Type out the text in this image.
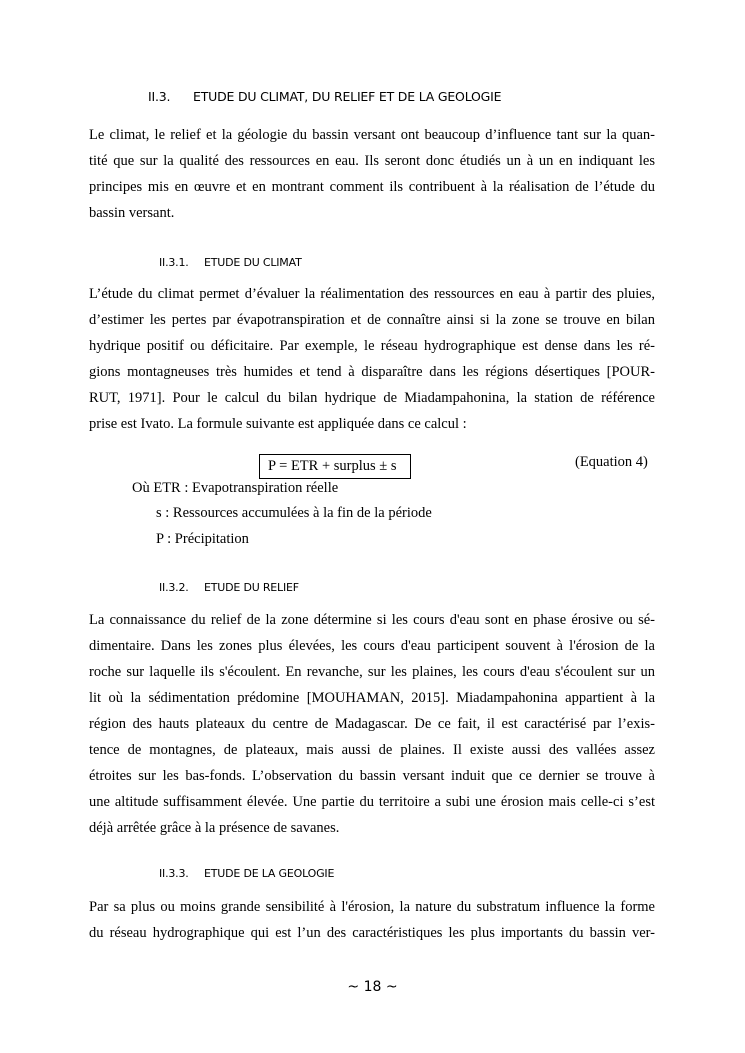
II.3. ETUDE DU CLIMAT, DU RELIEF ET DE LA GEOLOGIE
Le climat, le relief et la géologie du bassin versant ont beaucoup d’influence tant sur la quan-
tité que sur la qualité des ressources en eau. Ils seront donc étudiés un à un en indiquant les
principes mis en œuvre et en montrant comment ils contribuent à la réalisation de l’étude du
bassin versant.
II.3.1. ETUDE DU CLIMAT
L’étude du climat permet d’évaluer la réalimentation des ressources en eau à partir des pluies,
d’estimer les pertes par évapotranspiration et de connaître ainsi si la zone se trouve en bilan
hydrique positif ou déficitaire. Par exemple, le réseau hydrographique est dense dans les ré-
gions montagneuses très humides et tend à disparaître dans les régions désertiques [POUR-
RUT, 1971]. Pour le calcul du bilan hydrique de Miadampahonina, la station de référence
prise est Ivato. La formule suivante est appliquée dans ce calcul :
P = ETR + surplus ± s	(Equation 4)
Où ETR : Evapotranspiration réelle
s : Ressources accumulées à la fin de la période
P : Précipitation
II.3.2. ETUDE DU RELIEF
La connaissance du relief de la zone détermine si les cours d'eau sont en phase érosive ou sé-
dimentaire. Dans les zones plus élevées, les cours d'eau participent souvent à l'érosion de la
roche sur laquelle ils s'écoulent. En revanche, sur les plaines, les cours d'eau s'écoulent sur un
lit où la sédimentation prédomine [MOUHAMAN, 2015]. Miadampahonina appartient à la
région des hauts plateaux du centre de Madagascar. De ce fait, il est caractérisé par l’exis-
tence de montagnes, de plateaux, mais aussi de plaines. Il existe aussi des vallées assez
étroites sur les bas-fonds. L’observation du bassin versant induit que ce dernier se trouve à
une altitude suffisamment élevée. Une partie du territoire a subi une érosion mais celle-ci s’est
déjà arrêtée grâce à la présence de savanes.
II.3.3. ETUDE DE LA GEOLOGIE
Par sa plus ou moins grande sensibilité à l'érosion, la nature du substratum influence la forme
du réseau hydrographique qui est l’un des caractéristiques les plus importants du bassin ver-
~ 18 ~
